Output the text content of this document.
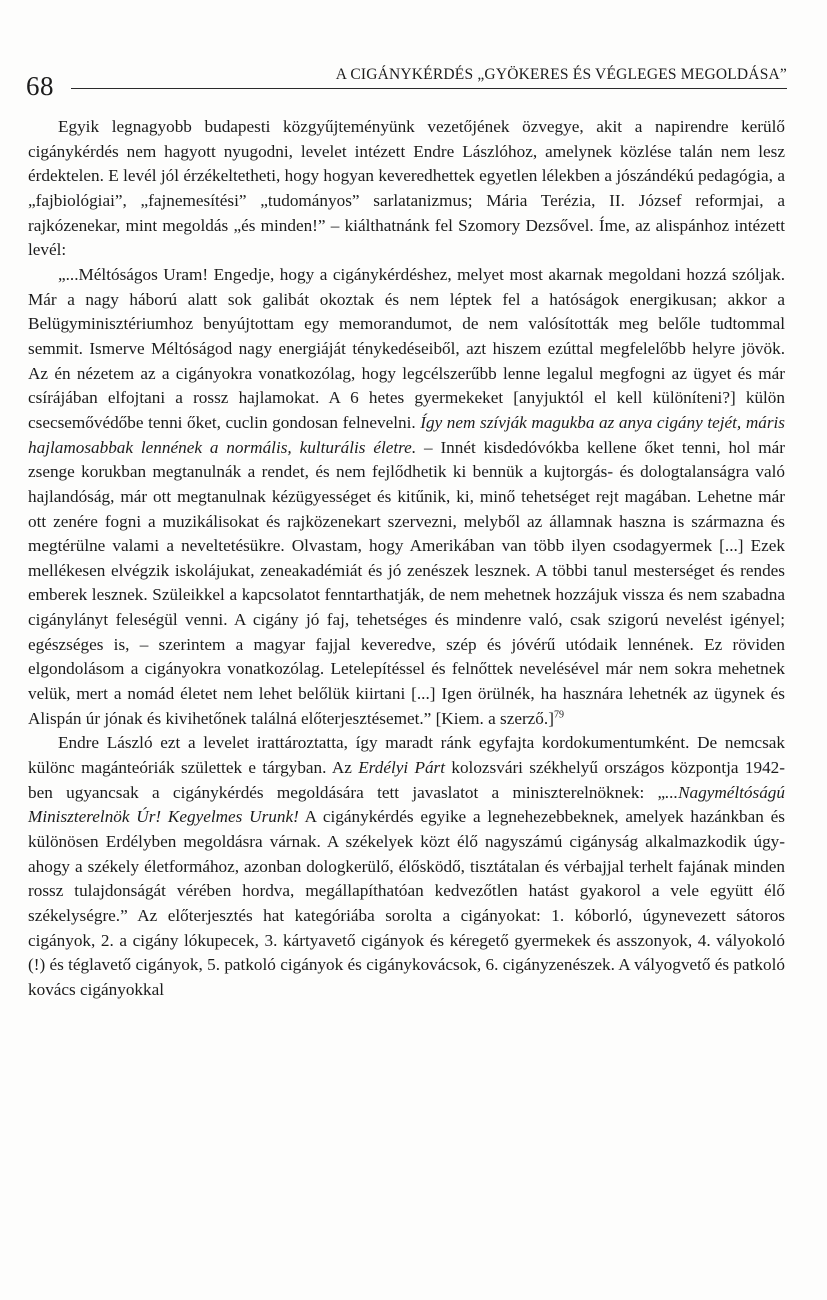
68	A CIGÁNYKÉRDÉS „GYÖKERES ÉS VÉGLEGES MEGOLDÁSA”

Egyik legnagyobb budapesti közgyűjteményünk vezetőjének özvegye, akit a napirendre kerülő cigánykérdés nem hagyott nyugodni, levelet intézett Endre Lászlóhoz, amelynek közlése talán nem lesz érdektelen. E levél jól érzékeltetheti, hogy hogyan keveredhettek egyetlen lélekben a jószándékú pedagógia, a „fajbiológiai”, „fajnemesítési” „tudományos” sarlatanizmus; Mária Terézia, II. József reformjai, a rajkózenekar, mint megoldás „és minden!” – kiálthatnánk fel Szomory Dezsővel. Íme, az alispánhoz intézett levél:

„...Méltóságos Uram! Engedje, hogy a cigánykérdéshez, melyet most akarnak megoldani hozzá szóljak. Már a nagy háború alatt sok galibát okoztak és nem léptek fel a hatóságok energikusan; akkor a Belügyminisztériumhoz benyújtottam egy memorandumot, de nem valósították meg belőle tudtommal semmit. Ismerve Méltóságod nagy energiáját ténykedéseiből, azt hiszem ezúttal megfelelőbb helyre jövök. Az én nézetem az a cigányokra vonatkozólag, hogy legcélszerűbb lenne legalul megfogni az ügyet és már csírájában elfojtani a rossz hajlamokat. A 6 hetes gyermekeket [anyjuktól el kell különíteni?] külön csecsemővédőbe tenni őket, cuclin gondosan felnevelni. Így nem szívják magukba az anya cigány tejét, máris hajlamosabbak lennének a normális, kulturális életre. – Innét kisdedóvókba kellene őket tenni, hol már zsenge korukban megtanulnák a rendet, és nem fejlődhetik ki bennük a kujtorgás- és dologtalanságra való hajlandóság, már ott megtanulnak kézügyességet és kitűnik, ki, minő tehetséget rejt magában. Lehetne már ott zenére fogni a muzikálisokat és rajközenekart szervezni, melyből az államnak haszna is származna és megtérülne valami a neveltetésükre. Olvastam, hogy Amerikában van több ilyen csodagyermek [...] Ezek mellékesen elvégzik iskolájukat, zeneakadémiát és jó zenészek lesznek. A többi tanul mesterséget és rendes emberek lesznek. Szüleikkel a kapcsolatot fenntarthatják, de nem mehetnek hozzájuk vissza és nem szabadna cigánylányt feleségül venni. A cigány jó faj, tehetséges és mindenre való, csak szigorú nevelést igényel; egészséges is, – szerintem a magyar fajjal keveredve, szép és jóvérű utódaik lennének. Ez röviden elgondolásom a cigányokra vonatkozólag. Letelepítéssel és felnőttek nevelésével már nem sokra mehetnek velük, mert a nomád életet nem lehet belőlük kiirtani [...] Igen örülnék, ha hasznára lehetnék az ügynek és Alispán úr jónak és kivihetőnek találná előterjesztésemet.” [Kiem. a szerző.]$^{79}$

Endre László ezt a levelet irattároztatta, így maradt ránk egyfajta kordokumentumként. De nemcsak különc magánteóriák születtek e tárgyban. Az Erdélyi Párt kolozsvári székhelyű országos központja 1942-ben ugyancsak a cigánykérdés megoldására tett javaslatot a miniszterelnöknek: „...Nagyméltóságú Miniszterelnök Úr! Kegyelmes Urunk! A cigánykérdés egyike a legnehezebbeknek, amelyek hazánkban és különösen Erdélyben megoldásra várnak. A székelyek közt élő nagyszámú cigányság alkalmazkodik úgy-ahogy a székely életformához, azonban dologkerülő, élősködő, tisztátalan és vérbajjal terhelt fajának minden rossz tulajdonságát vérében hordva, megállapíthatóan kedvezőtlen hatást gyakorol a vele együtt élő székelységre.” Az előterjesztés hat kategóriába sorolta a cigányokat: 1. kóborló, úgynevezett sátoros cigányok, 2. a cigány lókupecek, 3. kártyavető cigányok és kéregető gyermekek és asszonyok, 4. vályokoló (!) és téglavető cigányok, 5. patkoló cigányok és cigánykovácsok, 6. cigányzenészek. A vályogvető és patkoló kovács cigányokkal
